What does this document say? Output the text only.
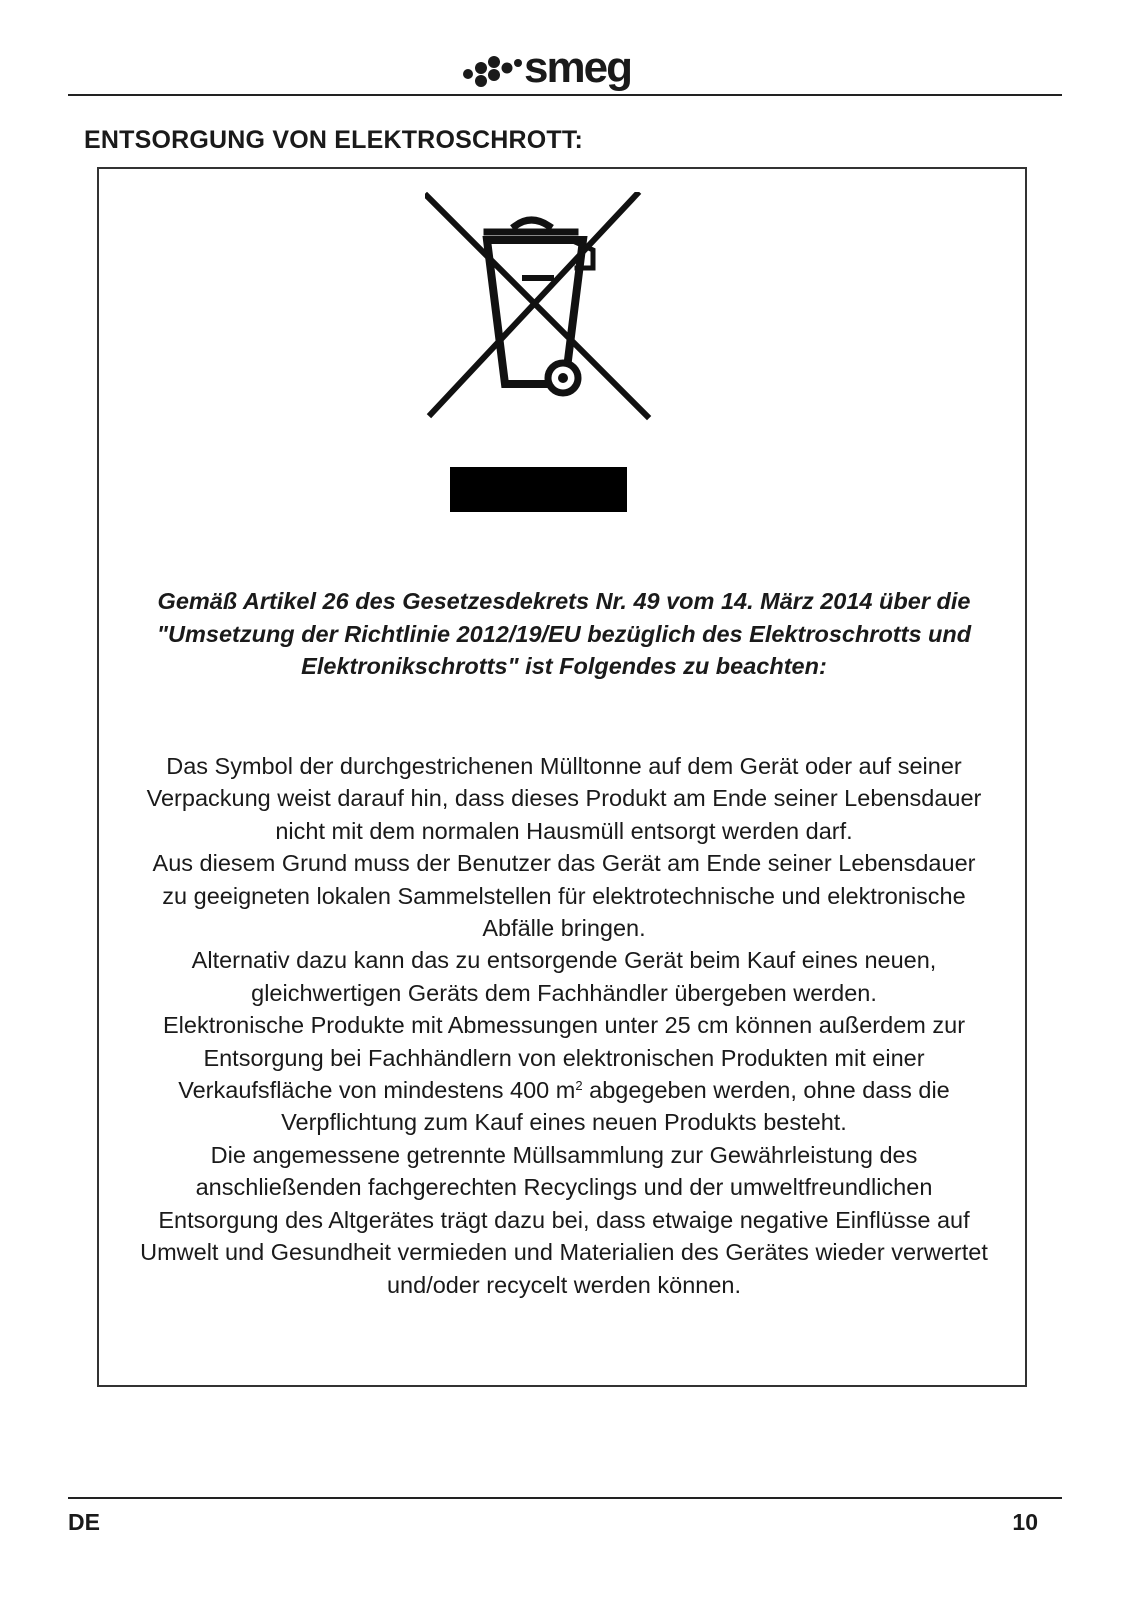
smeg
ENTSORGUNG VON ELEKTROSCHROTT:

Gemäß Artikel 26 des Gesetzesdekrets Nr. 49 vom 14. März 2014 über die "Umsetzung der Richtlinie 2012/19/EU bezüglich des Elektroschrotts und Elektronikschrotts" ist Folgendes zu beachten:

Das Symbol der durchgestrichenen Mülltonne auf dem Gerät oder auf seiner Verpackung weist darauf hin, dass dieses Produkt am Ende seiner Lebensdauer nicht mit dem normalen Hausmüll entsorgt werden darf.
Aus diesem Grund muss der Benutzer das Gerät am Ende seiner Lebensdauer zu geeigneten lokalen Sammelstellen für elektrotechnische und elektronische Abfälle bringen.
Alternativ dazu kann das zu entsorgende Gerät beim Kauf eines neuen, gleichwertigen Geräts dem Fachhändler übergeben werden.
Elektronische Produkte mit Abmessungen unter 25 cm können außerdem zur Entsorgung bei Fachhändlern von elektronischen Produkten mit einer Verkaufsfläche von mindestens 400 $m^2$ abgegeben werden, ohne dass die Verpflichtung zum Kauf eines neuen Produkts besteht.
Die angemessene getrennte Müllsammlung zur Gewährleistung des anschließenden fachgerechten Recyclings und der umweltfreundlichen Entsorgung des Altgerätes trägt dazu bei, dass etwaige negative Einflüsse auf Umwelt und Gesundheit vermieden und Materialien des Gerätes wieder verwertet und/oder recycelt werden können.
DE	10
